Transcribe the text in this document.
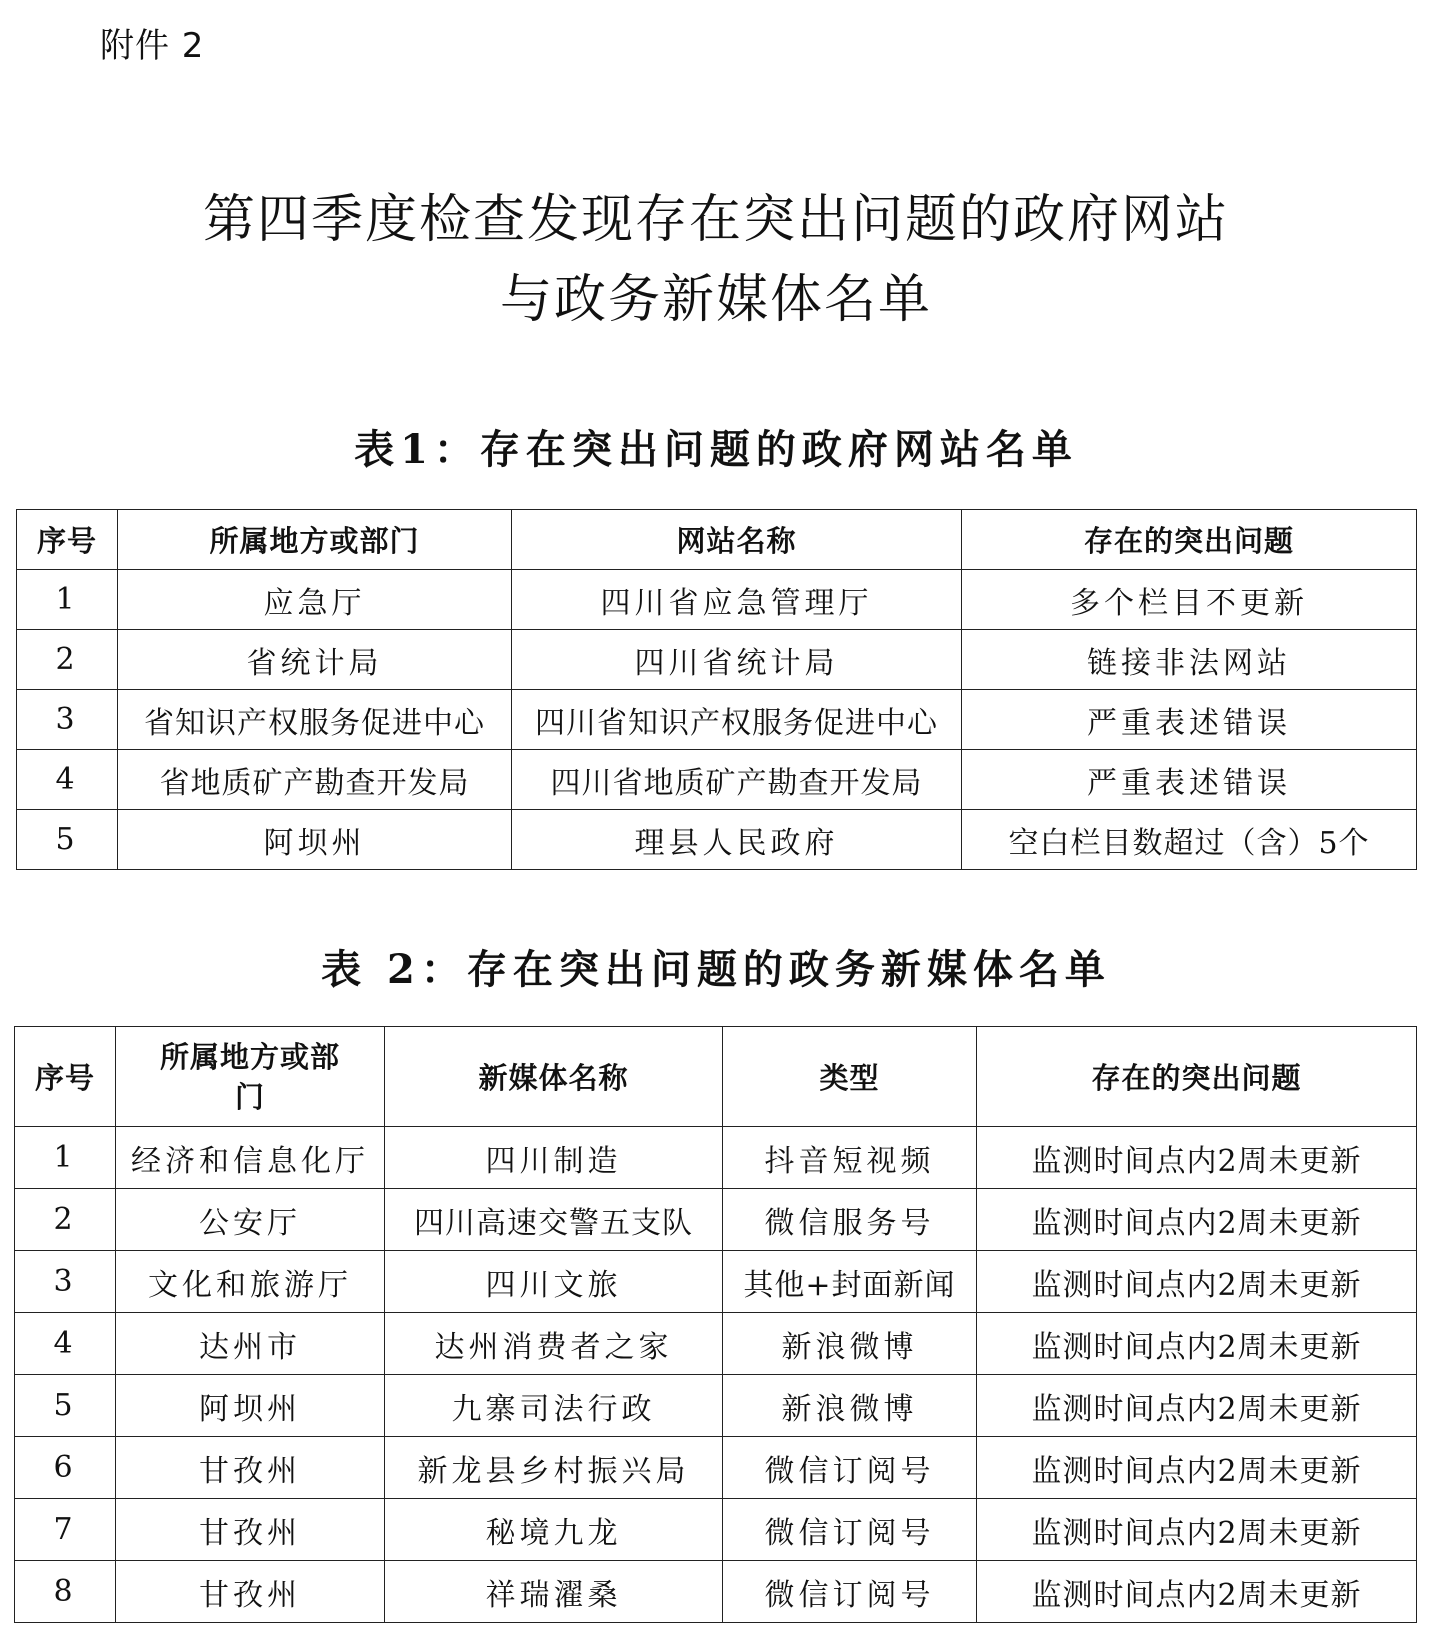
附件 2
第四季度检查发现存在突出问题的政府网站
与政务新媒体名单
表1：存在突出问题的政府网站名单
序号	所属地方或部门	网站名称	存在的突出问题
1	应急厅	四川省应急管理厅	多个栏目不更新
2	省统计局	四川省统计局	链接非法网站
3	省知识产权服务促进中心	四川省知识产权服务促进中心	严重表述错误
4	省地质矿产勘查开发局	四川省地质矿产勘查开发局	严重表述错误
5	阿坝州	理县人民政府	空白栏目数超过（含）5个
表 2：存在突出问题的政务新媒体名单
序号	所属地方或部门	新媒体名称	类型	存在的突出问题
1	经济和信息化厅	四川制造	抖音短视频	监测时间点内2周未更新
2	公安厅	四川高速交警五支队	微信服务号	监测时间点内2周未更新
3	文化和旅游厅	四川文旅	其他+封面新闻	监测时间点内2周未更新
4	达州市	达州消费者之家	新浪微博	监测时间点内2周未更新
5	阿坝州	九寨司法行政	新浪微博	监测时间点内2周未更新
6	甘孜州	新龙县乡村振兴局	微信订阅号	监测时间点内2周未更新
7	甘孜州	秘境九龙	微信订阅号	监测时间点内2周未更新
8	甘孜州	祥瑞濯桑	微信订阅号	监测时间点内2周未更新
